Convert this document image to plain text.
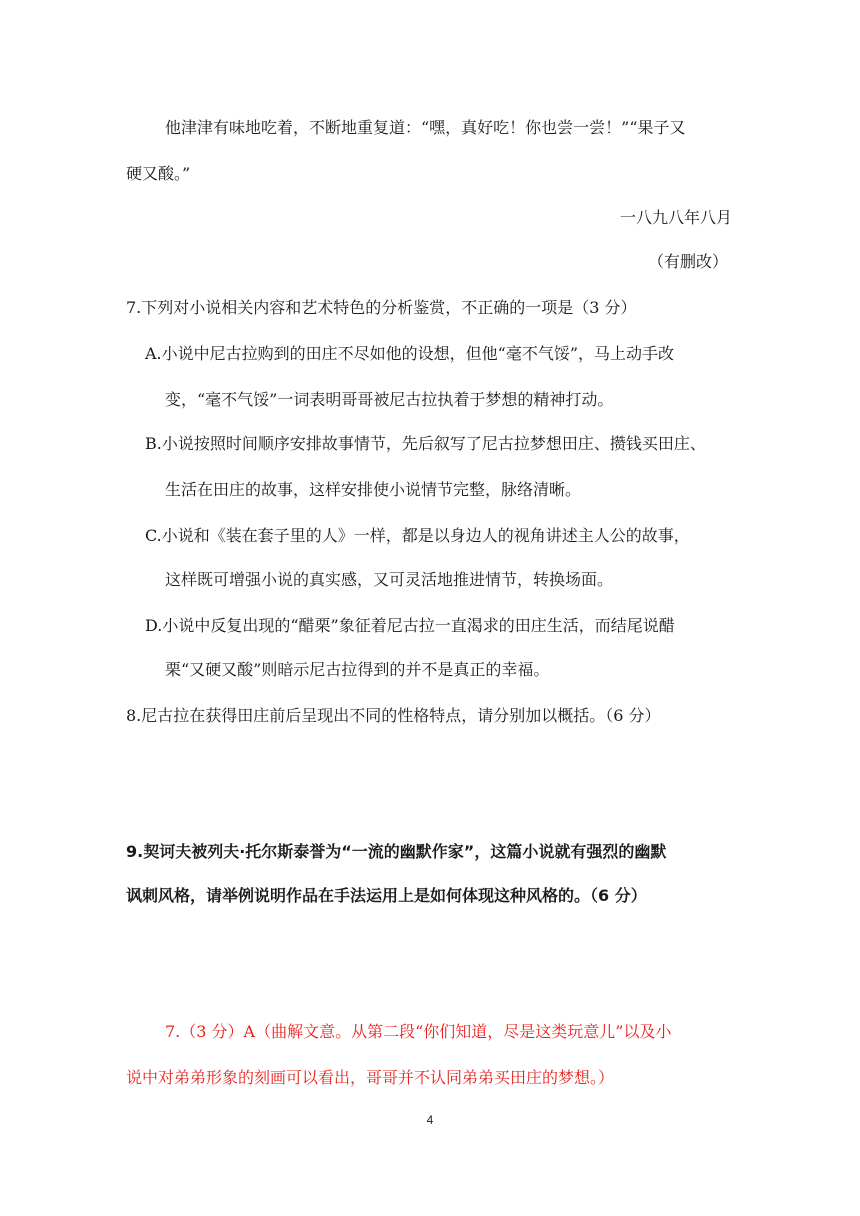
他津津有味地吃着，不断地重复道：“嘿，真好吃！你也尝一尝！”“果子又
硬又酸。”
一八九八年八月
（有删改）
7.下列对小说相关内容和艺术特色的分析鉴赏，不正确的一项是（3 分）
A.小说中尼古拉购到的田庄不尽如他的设想，但他“毫不气馁”，马上动手改
变，“毫不气馁”一词表明哥哥被尼古拉执着于梦想的精神打动。
B.小说按照时间顺序安排故事情节，先后叙写了尼古拉梦想田庄、攒钱买田庄、
生活在田庄的故事，这样安排使小说情节完整，脉络清晰。
C.小说和《装在套子里的人》一样，都是以身边人的视角讲述主人公的故事，
这样既可增强小说的真实感，又可灵活地推进情节，转换场面。
D.小说中反复出现的“醋栗”象征着尼古拉一直渴求的田庄生活，而结尾说醋
栗“又硬又酸”则暗示尼古拉得到的并不是真正的幸福。
8.尼古拉在获得田庄前后呈现出不同的性格特点，请分别加以概括。（6 分）
9.契诃夫被列夫·托尔斯泰誉为“一流的幽默作家”，这篇小说就有强烈的幽默
讽刺风格，请举例说明作品在手法运用上是如何体现这种风格的。（6 分）
7.（3 分）A（曲解文意。从第二段“你们知道，尽是这类玩意儿”以及小
说中对弟弟形象的刻画可以看出，哥哥并不认同弟弟买田庄的梦想。）
4
